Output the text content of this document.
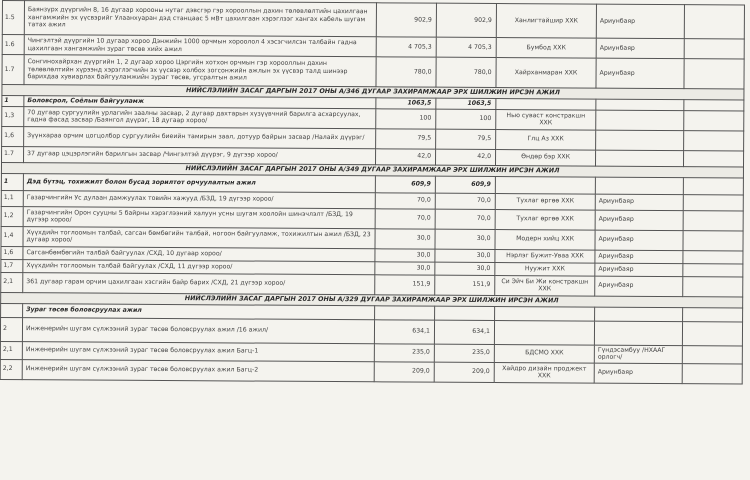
1.5	Баянзүрх дүүргийн 8, 16 дугаар хорооны нутаг дэвсгэр гэр хорооллын дахин төлөвлөлтийн цахилгаан хангамжийн эх үүсвэрийг Улаанхуаран дэд станцаас 5 мВт цахилгаан хэрэглээг хангах кабель шугам татах ажил	902,9	902,9	Ханлигтайшир ХХК	Ариунбаяр	
1.6	Чингэлтэй дүүргийн 10 дугаар хороо Дэнжийн 1000 орчмын хороолол 4 хэсэгчилсэн талбайн гадна цахилгаан хангамжийн зураг төсөв хийх ажил	4 705,3	4 705,3	Бумбод ХХК	Ариунбаяр	
1.7	Сонгинохайрхан дүүргийн 1, 2 дугаар хороо Цэргийн хотхон орчмын гэр хорооллын дахин төлөвлөлтийн хүрээнд хэрэглэгчийн эх үүсвэр холбох зогсонжийн ажлын эх үүсвэр талд шинээр барихдаа хувиарлах байгууламжийн зураг төсөв, угсралтын ажил	780,0	780,0	Хайрханмаран ХХК	Ариунбаяр	
НИЙСЛЭЛИЙН ЗАСАГ ДАРГЫН 2017 ОНЫ А/346 ДУГААР ЗАХИРАМЖААР ЭРХ ШИЛЖИН ИРСЭН АЖИЛ						
1	Боловсрол, Соёлын байгууламж	1063,5	1063,5			
1,3	70 дугаар сургуулийн урлагийн заалны засвар, 2 дугаар дахтарын хүзүүвчний барилга асхарсуулах, гадна фасад засвар /Баянгол дүүрэг, 18 дугаар хороо/	100	100	Нью суваст констракшн ХХК		
1,6	Зүүнхараа орчим цогцолбор сургуулийн биеийн тамирын заал, дотуур байрын засвар /Налайх дүүрэг/	79,5	79,5	Глц Аз ХХК		
1.7	37 дугаар цэцэрлэгийн барилгын засвар /Чингэлтэй дүүрэг, 9 дүгээр хороо/	42,0	42,0	Өндөр бэр ХХК		
НИЙСЛЭЛИЙН ЗАСАГ ДАРГЫН 2017 ОНЫ А/349 ДУГААР ЗАХИРАМЖААР ЭРХ ШИЛЖИН ИРСЭН АЖИЛ						
1	Дэд бүтэц, тохижилт болон бусад зорилтот орчуулалтын ажил	609,9	609,9			
1,1	Газарчингийн Ус дулаан дамжуулах товийн хажууд /БЗД, 19 дүгээр хороо/	70,0	70,0	Тухлаг өргөө ХХК	Ариунбаяр	
1,2	Газарчингийн Орон сууцны 5 байрны хэрэглээний халуун усны шугам хоолойн шинэчлэлт /БЗД, 19 дүгээр хороо/	70,0	70,0	Тухлаг өргөө ХХК	Ариунбаяр	
1,4	Хүүхдийн тоглоомын талбай, сагсан бөмбөгийн талбай, ногоон байгууламж, тохижилтын ажил /БЗД, 23 дугаар хороо/	30,0	30,0	Модерн хийц ХХК	Ариунбаяр	
1,6	Сагсанбөмбөгийн талбай байгуулах /СХД, 10 дугаар хороо/	30,0	30,0	Нэрлэг Бужит-Уваа ХХК	Ариунбаяр	
1,7	Хүүхдийн тоглоомын талбай байгуулах /СХД, 11 дүгээр хороо/	30,0	30,0	Нуужит ХХК	Ариунбаяр	
2,1	361 дугаар гарам орчим цахилгаан хэсгийн байр барих /СХД, 21 дүгээр хороо/	151,9	151,9	Си Эйч Би Жи констракшн ХХК	Ариунбаяр	
НИЙСЛЭЛИЙН ЗАСАГ ДАРГЫН 2017 ОНЫ А/329 ДУГААР ЗАХИРАМЖААР ЭРХ ШИЛЖИН ИРСЭН АЖИЛ						
	Зураг төсөв боловсруулах ажил					
2	Инженерийн шугам сүлжээний зураг төсөв боловсруулах ажил /16 ажил/	634,1	634,1			
2,1	Инженерийн шугам сүлжээний зураг төсөв боловсруулах ажил Багц-1	235,0	235,0	БДСМО ХХК	Гүндэсамбуу /НХААГ орлогч/	
2,2	Инженерийн шугам сүлжээний зураг төсөв боловсруулах ажил Багц-2	209,0	209,0	Хайдро дизайн проджект ХХК	Ариунбаяр	
